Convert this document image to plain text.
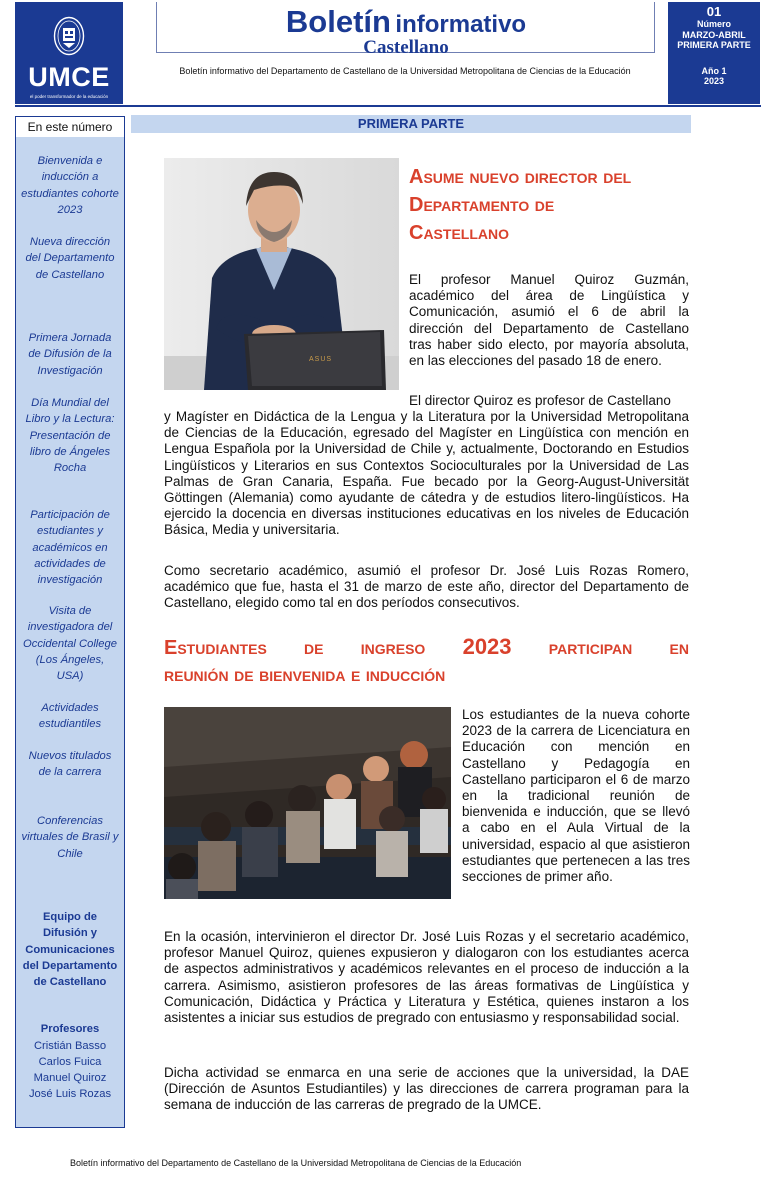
UMCE
el poder transformador de la educación
Boletín informativo
Castellano
Boletín informativo del Departamento de Castellano de la Universidad Metropolitana de Ciencias de la Educación
01
Número
MARZO-ABRIL
PRIMERA PARTE
Año 1
2023
En este número
Bienvenida e inducción a estudiantes cohorte 2023
Nueva dirección del Departamento de Castellano
Primera Jornada de Difusión de la Investigación
Día Mundial del Libro y la Lectura: Presentación de libro de Ángeles Rocha
Participación de estudiantes y académicos en actividades de investigación
Visita de investigadora del Occidental College (Los Ángeles, USA)
Actividades estudiantiles
Nuevos titulados de la carrera
Conferencias virtuales de Brasil y Chile
Equipo de Difusión y Comunicaciones del Departamento de Castellano
Profesores
Cristián Basso
Carlos Fuica
Manuel Quiroz
José Luis Rozas
PRIMERA PARTE
ASUS
Asume nuevo director del
Departamento de
Castellano
El profesor Manuel Quiroz Guzmán,
académico del área de Lingüística y
Comunicación, asumió el 6 de abril la
dirección del Departamento de Castellano
tras haber sido electo, por mayoría absoluta,
en las elecciones del pasado 18 de enero.
El director Quiroz es profesor de Castellano

y Magíster en Didáctica de la Lengua y la Literatura por la Universidad Metropolitana de Ciencias de la Educación, egresado del Magíster en Lingüística con mención en Lengua Española por la Universidad de Chile y, actualmente, Doctorando en Estudios Lingüísticos y Literarios en sus Contextos Socioculturales por la Universidad de Las Palmas de Gran Canaria, España. Fue becado por la Georg-August-Universität Göttingen (Alemania) como ayudante de cátedra y de estudios litero-lingüísticos. Ha ejercido la docencia en diversas instituciones educativas en los niveles de Educación Básica, Media y universitaria.

Como secretario académico, asumió el profesor Dr. José Luis Rozas Romero, académico que fue, hasta el 31 de marzo de este año, director del Departamento de Castellano, elegido como tal en dos períodos consecutivos.

Estudiantes de ingreso 2023 participan en
reunión de bienvenida e inducción

Los estudiantes de la nueva cohorte 2023 de la carrera de Licenciatura en Educación con mención en Castellano y Pedagogía en Castellano participaron el 6 de marzo en la tradicional reunión de bienvenida e inducción, que se llevó a cabo en el Aula Virtual de la universidad, espacio al que asistieron estudiantes que pertenecen a las tres secciones de primer año.

En la ocasión, intervinieron el director Dr. José Luis Rozas y el secretario académico, profesor Manuel Quiroz, quienes expusieron y dialogaron con los estudiantes acerca de aspectos administrativos y académicos relevantes en el proceso de inducción a la carrera. Asimismo, asistieron profesores de las áreas formativas de Lingüística y Comunicación, Didáctica y Práctica y Literatura y Estética, quienes instaron a los asistentes a iniciar sus estudios de pregrado con entusiasmo y responsabilidad social.

Dicha actividad se enmarca en una serie de acciones que la universidad, la DAE (Dirección de Asuntos Estudiantiles) y las direcciones de carrera programan para la semana de inducción de las carreras de pregrado de la UMCE.

Boletín informativo del Departamento de Castellano de la Universidad Metropolitana de Ciencias de la Educación
